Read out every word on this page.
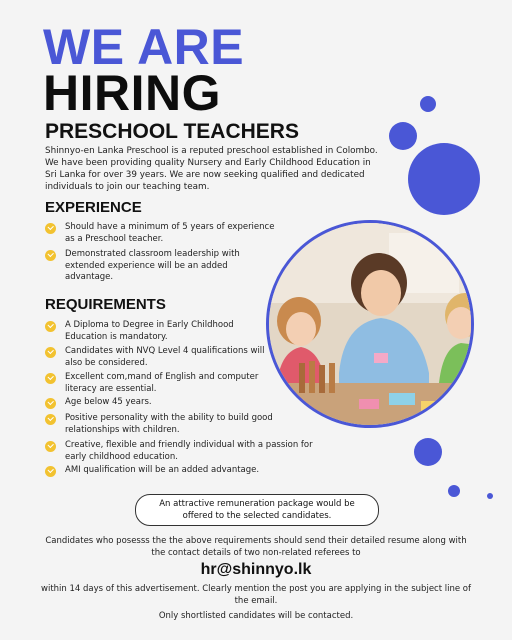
WE ARE
HIRING
PRESCHOOL TEACHERS
Shinnyo-en Lanka Preschool is a reputed preschool established in Colombo. We have been providing quality Nursery and Early Childhood Education in Sri Lanka for over 39 years. We are now seeking qualified and dedicated individuals to join our teaching team.
EXPERIENCE
Should have a minimum of 5 years of experience as a Preschool teacher.
Demonstrated classroom leadership with extended experience will be an added advantage.
REQUIREMENTS
A Diploma to Degree in Early Childhood Education is mandatory.
Candidates with NVQ Level 4 qualifications will also be considered.
Excellent com,mand of English and computer literacy are essential.
Age below 45 years.
Positive personality with the ability to build good relationships with children.
Creative, flexible and friendly individual with a passion for early childhood education.
AMI qualification will be an added advantage.
An attractive remuneration package would be offered to the selected candidates.
Candidates who posesss the the above requirements should send their detailed resume along with the contact details of two non-related referees to
hr@shinnyo.lk
within 14 days of this advertisement. Clearly mention the post you are applying in the subject line of the email.
Only shortlisted candidates will be contacted.
